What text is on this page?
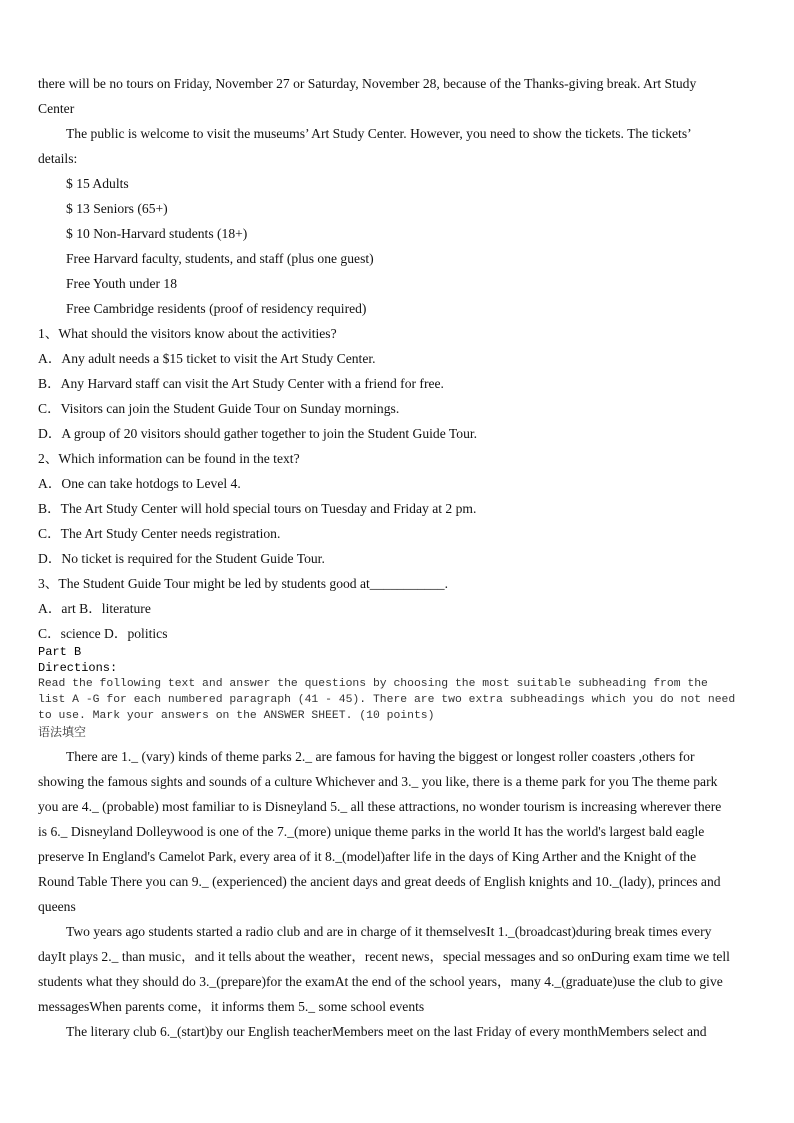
there will be no tours on Friday, November 27 or Saturday, November 28, because of the Thanks-giving break. Art Study
Center
The public is welcome to visit the museums’ Art Study Center. However, you need to show the tickets. The tickets’
details:
$ 15 Adults
$ 13 Seniors (65+)
$ 10 Non-Harvard students (18+)
Free Harvard faculty, students, and staff (plus one guest)
Free Youth under 18
Free Cambridge residents (proof of residency required)
1、What should the visitors know about the activities?
A．Any adult needs a $15 ticket to visit the Art Study Center.
B．Any Harvard staff can visit the Art Study Center with a friend for free.
C．Visitors can join the Student Guide Tour on Sunday mornings.
D．A group of 20 visitors should gather together to join the Student Guide Tour.
2、Which information can be found in the text?
A．One can take hotdogs to Level 4.
B．The Art Study Center will hold special tours on Tuesday and Friday at 2 pm.
C．The Art Study Center needs registration.
D．No ticket is required for the Student Guide Tour.
3、The Student Guide Tour might be led by students good at___________.
A．art B．literature
C．science D．politics
Part B
Directions:
Read the following text and answer the questions by choosing the most suitable subheading from the
list A -G for each numbered paragraph (41 - 45). There are two extra subheadings which you do not need
to use. Mark your answers on the ANSWER SHEET. (10 points)
语法填空
There are 1._ (vary) kinds of theme parks 2._ are famous for having the biggest or longest roller coasters ,others for
showing the famous sights and sounds of a culture Whichever and 3._ you like, there is a theme park for you The theme park
you are 4._ (probable) most familiar to is Disneyland 5._ all these attractions, no wonder tourism is increasing wherever there
is 6._ Disneyland Dolleywood is one of the 7._(more) unique theme parks in the world It has the world's largest bald eagle
preserve In England's Camelot Park, every area of it 8._(model)after life in the days of King Arther and the Knight of the
Round Table There you can 9._ (experienced) the ancient days and great deeds of English knights and 10._(lady), princes and
queens
Two years ago students started a radio club and are in charge of it themselvesIt 1._(broadcast)during break times every
dayIt plays 2._ than music，and it tells about the weather，recent news，special messages and so onDuring exam time we tell
students what they should do 3._(prepare)for the examAt the end of the school years，many 4._(graduate)use the club to give
messagesWhen parents come，it informs them 5._ some school events
The literary club 6._(start)by our English teacherMembers meet on the last Friday of every monthMembers select and
